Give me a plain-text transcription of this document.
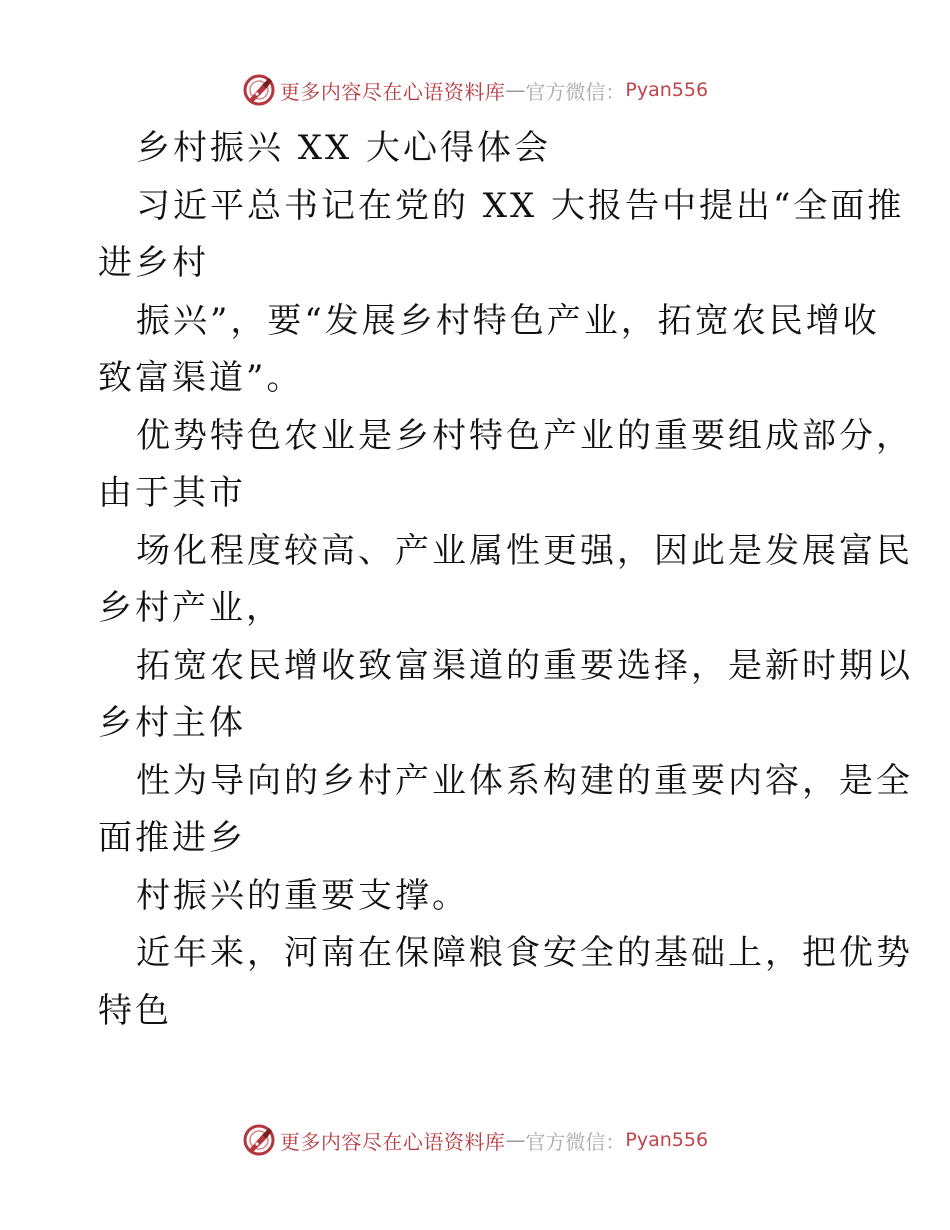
更多内容尽在心语资料库 — 官方微信： Pyan556
乡村振兴 XX 大心得体会
习近平总书记在党的 XX 大报告中提出“全面推
进乡村
振兴”，要“发展乡村特色产业，拓宽农民增收
致富渠道”。
优势特色农业是乡村特色产业的重要组成部分，
由于其市
场化程度较高、产业属性更强，因此是发展富民
乡村产业，
拓宽农民增收致富渠道的重要选择，是新时期以
乡村主体
性为导向的乡村产业体系构建的重要内容，是全
面推进乡
村振兴的重要支撑。
近年来，河南在保障粮食安全的基础上，把优势
特色
更多内容尽在心语资料库 — 官方微信： Pyan556
